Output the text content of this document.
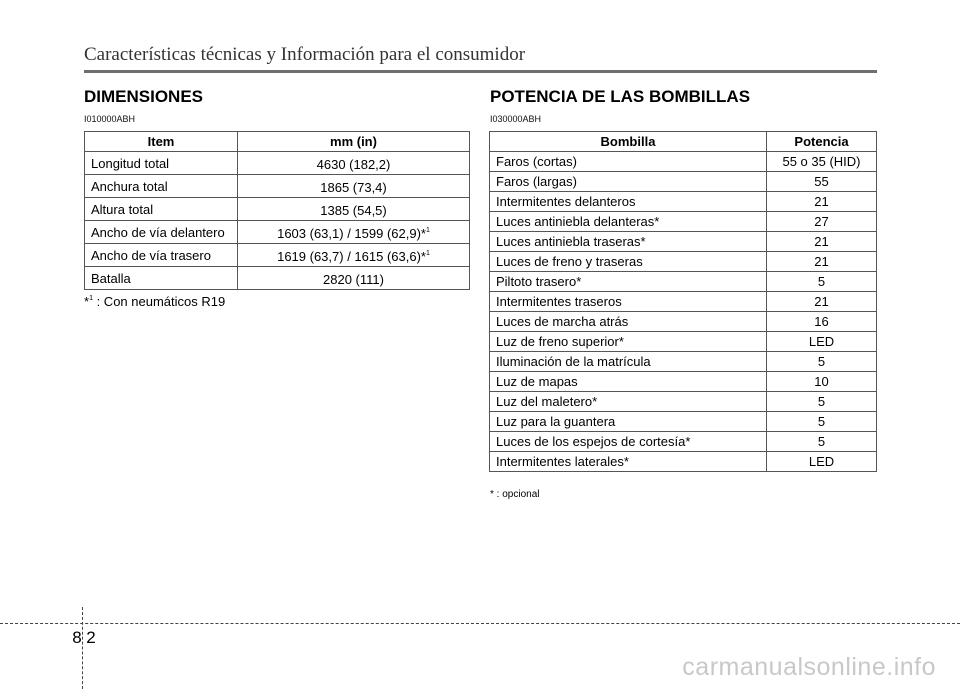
Características técnicas y Información para el consumidor
DIMENSIONES
I010000ABH
Item	mm (in)
Longitud total	4630 (182,2)
Anchura total	1865 (73,4)
Altura total	1385 (54,5)
Ancho de vía delantero	1603 (63,1) / 1599 (62,9)*$^1$
Ancho de vía trasero	1619 (63,7) / 1615 (63,6)*$^1$
Batalla	2820 (111)
*$^1$ : Con neumáticos R19
POTENCIA DE LAS BOMBILLAS
I030000ABH
Bombilla	Potencia
Faros (cortas)	55 o 35 (HID)
Faros (largas)	55
Intermitentes delanteros	21
Luces antiniebla delanteras*	27
Luces antiniebla traseras*	21
Luces de freno y traseras	21
Piltoto trasero*	5
Intermitentes traseros	21
Luces de marcha atrás	16
Luz de freno superior*	LED
Iluminación de la matrícula	5
Luz de mapas	10
Luz del maletero*	5
Luz para la guantera	5
Luces de los espejos de cortesía*	5
Intermitentes laterales*	LED
* : opcional
8 2
carmanualsonline.info
